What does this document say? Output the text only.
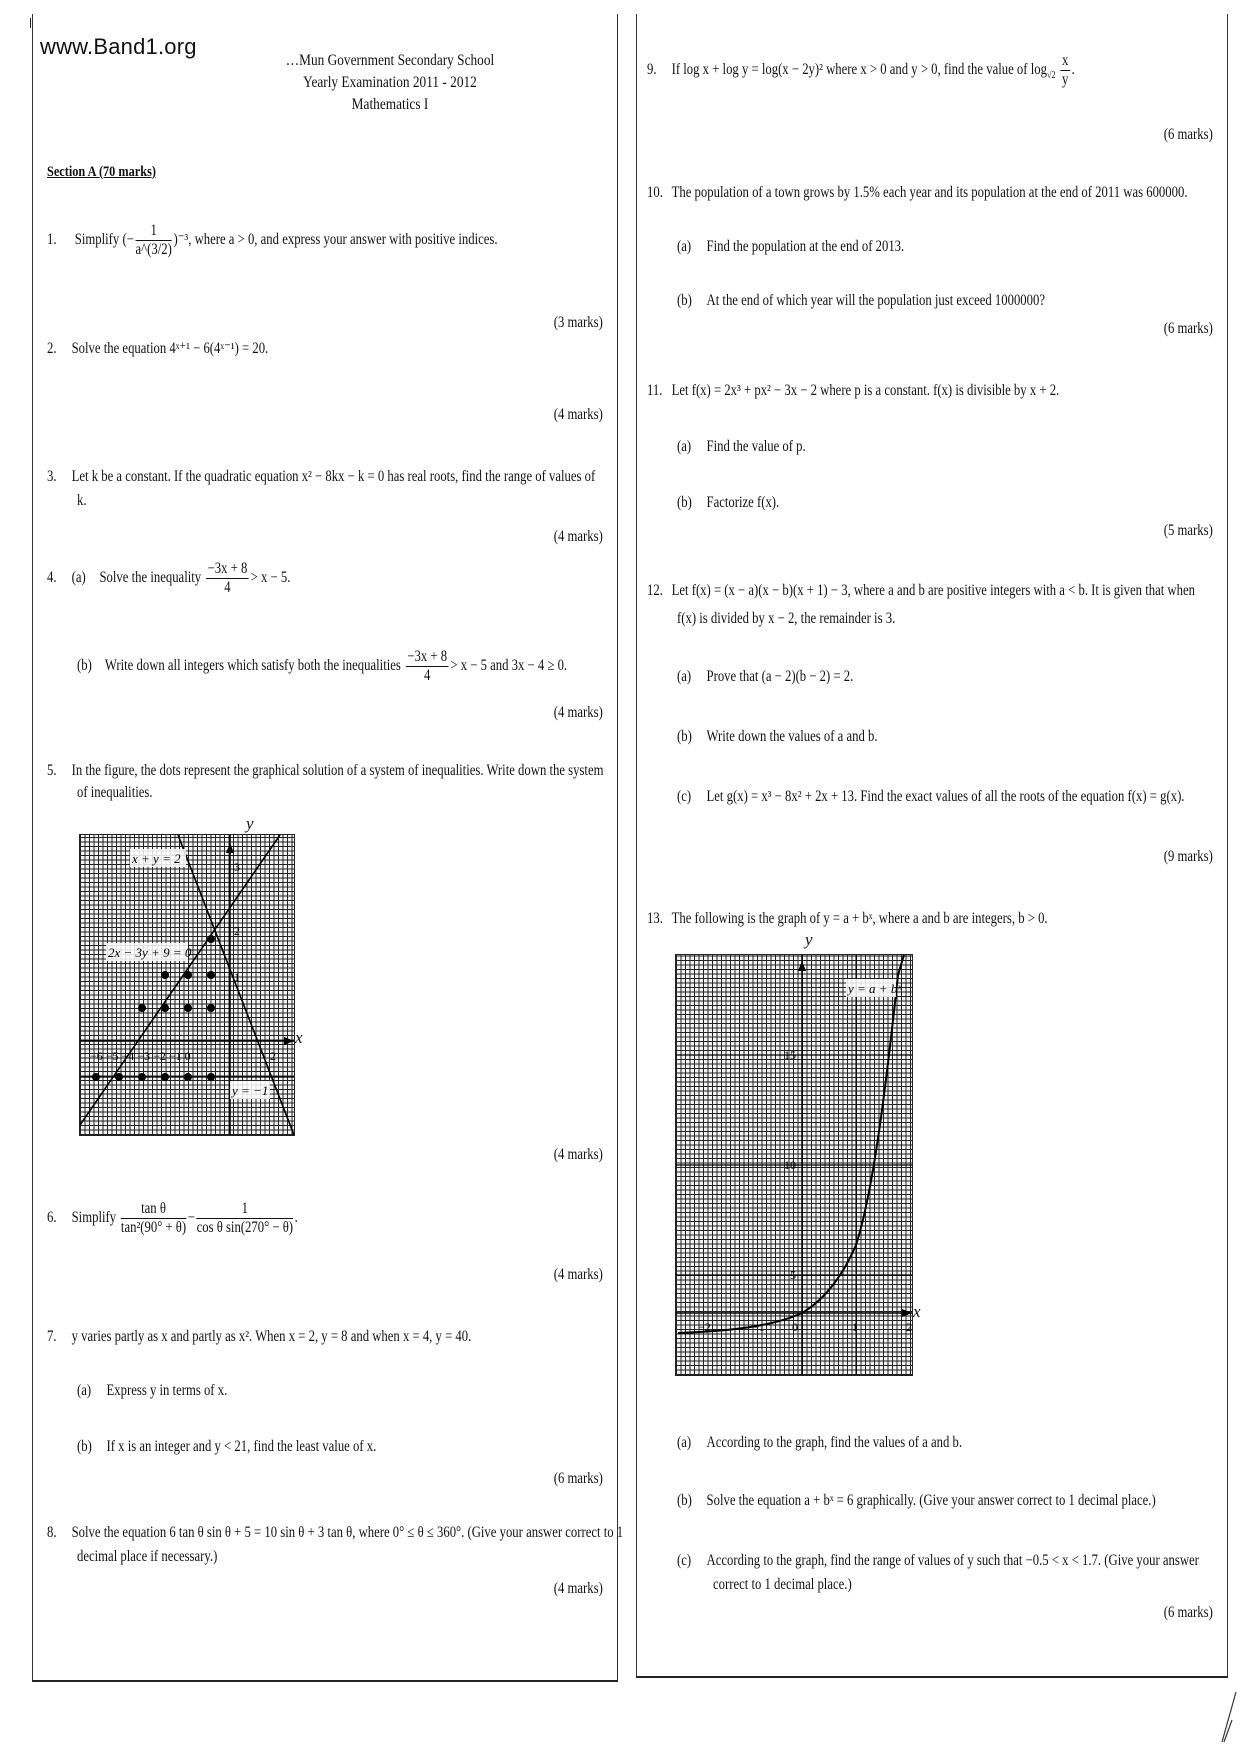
www.Band1.org
…Mun Government Secondary School
Yearly Examination 2011 - 2012
Mathematics I
Section A (70 marks)
1. Simplify (− $\frac{1}{a\^{}(3/2)} )^{-3}$, where a > 0, and express your answer with positive indices.
(3 marks)
2. Solve the equation 4ˣ⁺¹ − 6(4ˣ⁻¹) = 20.
(4 marks)
3. Let k be a constant. If the quadratic equation x² − 8kx − k = 0 has real roots, find the range of values of
k.
(4 marks)
4. (a) Solve the inequality $\frac{-3x + 8}{4} > x - 5$.
(b) Write down all integers which satisfy both the inequalities $\frac{-3x + 8}{4} > x - 5$ and 3x − 4 ≥ 0.
(4 marks)
5. In the figure, the dots represent the graphical solution of a system of inequalities. Write down the system
of inequalities.
y
x + y = 2
2x − 3y + 9 = 0
y = −1
−6 −5 −4 −3 −2 −1 0	2
3
2
1
x
(4 marks)
6. Simplify $\frac{\text{tan θ}}{\text{tan²(90° + θ)}} - \frac{1}{\text{cos θ sin(270° − θ)}}$ .
(4 marks)
7. y varies partly as x and partly as x². When x = 2, y = 8 and when x = 4, y = 40.
(a) Express y in terms of x.
(b) If x is an integer and y < 21, find the least value of x.
(6 marks)
8. Solve the equation 6 tan θ sin θ + 5 = 10 sin θ + 3 tan θ, where 0° ≤ θ ≤ 360°. (Give your answer correct to 1
decimal place if necessary.)
(4 marks)
9. If log x + log y = log(x − 2y)² where x > 0 and y > 0, find the value of $\log_{√2} \frac{x}{y}$ .
(6 marks)
10. The population of a town grows by 1.5% each year and its population at the end of 2011 was 600000.
(a) Find the population at the end of 2013.
(b) At the end of which year will the population just exceed 1000000?
(6 marks)
11. Let f(x) = 2x³ + px² − 3x − 2 where p is a constant. f(x) is divisible by x + 2.
(a) Find the value of p.
(b) Factorize f(x).
(5 marks)
12. Let f(x) = (x − a)(x − b)(x + 1) − 3, where a and b are positive integers with a < b. It is given that when
f(x) is divided by x − 2, the remainder is 3.
(a) Prove that (a − 2)(b − 2) = 2.
(b) Write down the values of a and b.
(c) Let g(x) = x³ − 8x² + 2x + 13. Find the exact values of all the roots of the equation f(x) = g(x).
(9 marks)
13. The following is the graph of y = a + bˣ, where a and b are integers, b > 0.
y
y = a + bˣ
15
10
5
−2	−1 0	1	2
x
(a) According to the graph, find the values of a and b.
(b) Solve the equation a + bˣ = 6 graphically. (Give your answer correct to 1 decimal place.)
(c) According to the graph, find the range of values of y such that −0.5 < x < 1.7. (Give your answer
correct to 1 decimal place.)
(6 marks)
